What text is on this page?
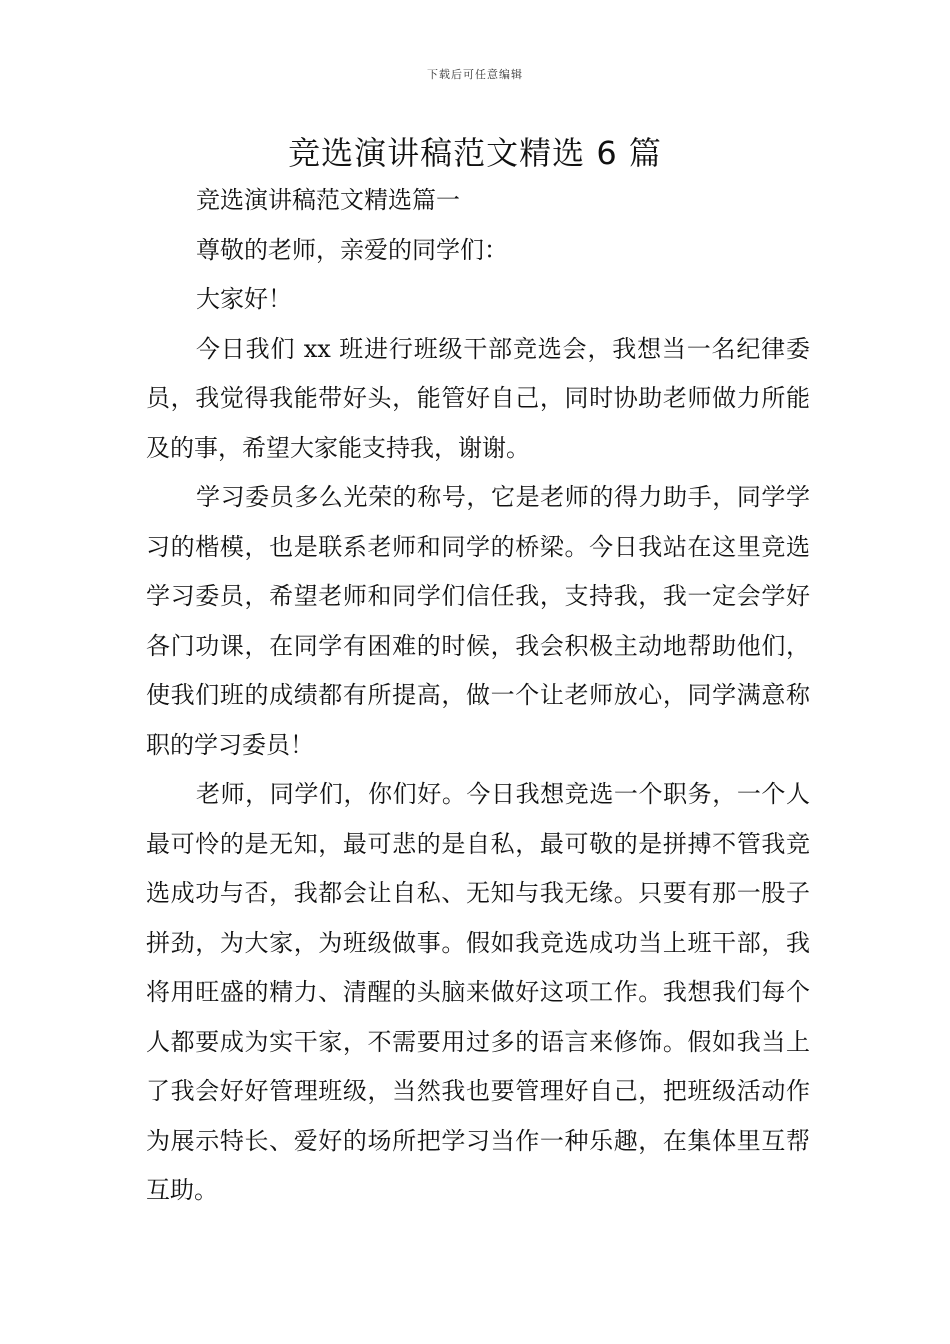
下载后可任意编辑
竞选演讲稿范文精选 6 篇

竞选演讲稿范文精选篇一

尊敬的老师，亲爱的同学们：

大家好！

今日我们 xx 班进行班级干部竞选会，我想当一名纪律委员，我觉得我能带好头，能管好自己，同时协助老师做力所能及的事，希望大家能支持我，谢谢。

学习委员多么光荣的称号，它是老师的得力助手，同学学习的楷模，也是联系老师和同学的桥梁。今日我站在这里竞选学习委员，希望老师和同学们信任我，支持我，我一定会学好各门功课，在同学有困难的时候，我会积极主动地帮助他们，使我们班的成绩都有所提高，做一个让老师放心，同学满意称职的学习委员！

老师，同学们，你们好。今日我想竞选一个职务，一个人最可怜的是无知，最可悲的是自私，最可敬的是拼搏不管我竞选成功与否，我都会让自私、无知与我无缘。只要有那一股子拼劲，为大家，为班级做事。假如我竞选成功当上班干部，我将用旺盛的精力、清醒的头脑来做好这项工作。我想我们每个人都要成为实干家，不需要用过多的语言来修饰。假如我当上了我会好好管理班级，当然我也要管理好自己，把班级活动作为展示特长、爱好的场所把学习当作一种乐趣，在集体里互帮互助。
